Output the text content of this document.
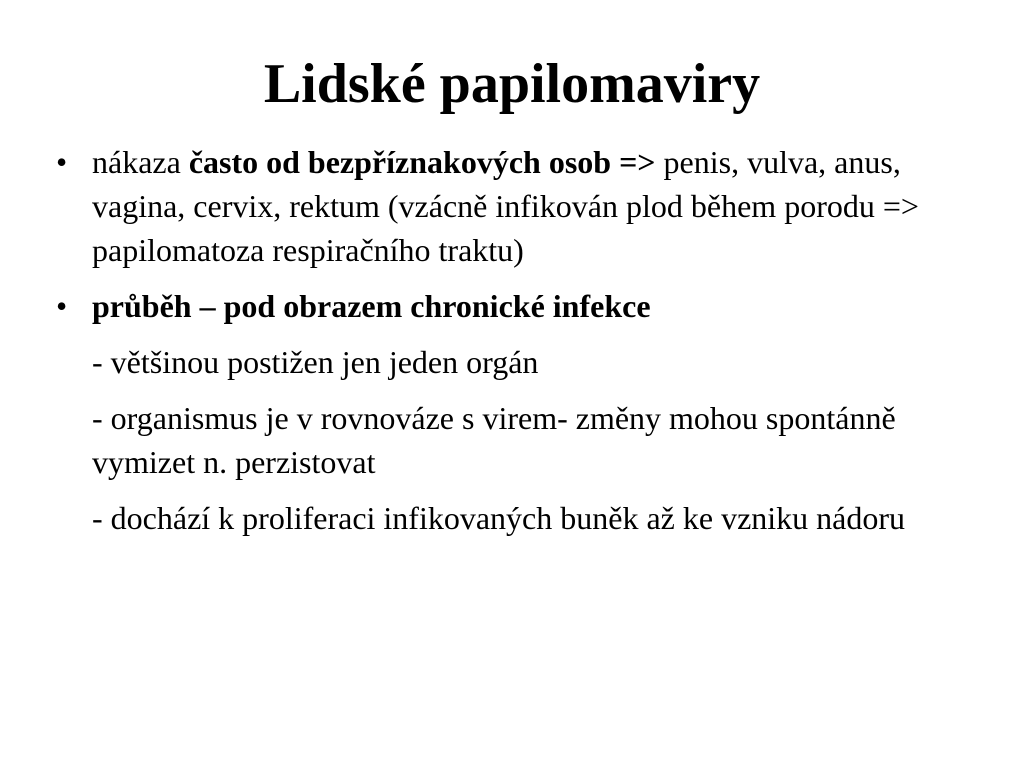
Lidské papilomaviry
• nákaza často od bezpříznakových osob => penis, vulva, anus, vagina, cervix, rektum (vzácně infikován plod během porodu => papilomatoza respiračního traktu)
• průběh – pod obrazem chronické infekce
- většinou postižen jen jeden orgán
- organismus je v rovnováze s virem- změny mohou spontánně vymizet n. perzistovat
- dochází k proliferaci infikovaných buněk až ke vzniku nádoru
